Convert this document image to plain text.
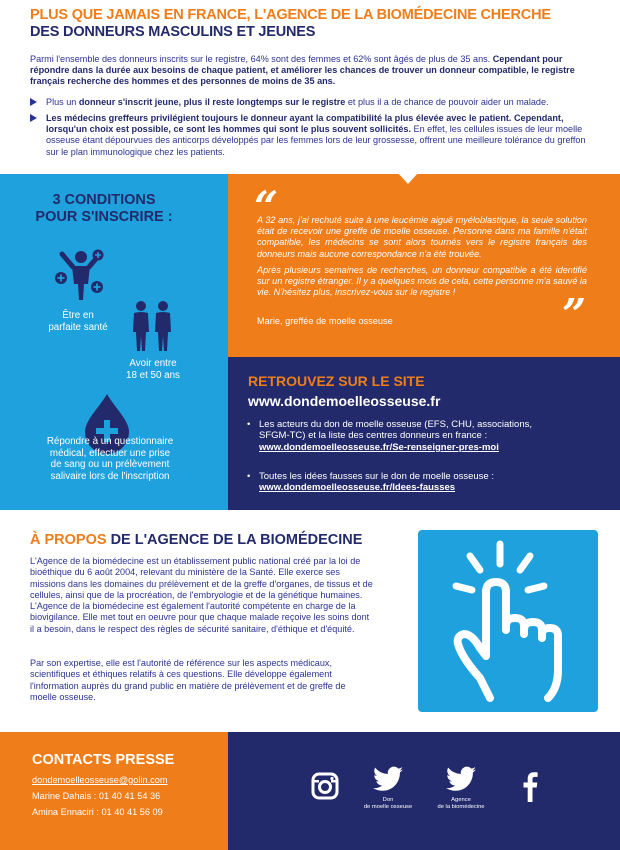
PLUS QUE JAMAIS EN FRANCE, L'AGENCE DE LA BIOMÉDECINE CHERCHE
DES DONNEURS MASCULINS ET JEUNES

Parmi l'ensemble des donneurs inscrits sur le registre, 64% sont des femmes et 62% sont âgés de plus de 35 ans. Cependant pour répondre dans la durée aux besoins de chaque patient, et améliorer les chances de trouver un donneur compatible, le registre français recherche des hommes et des personnes de moins de 35 ans.

Plus un donneur s'inscrit jeune, plus il reste longtemps sur le registre et plus il a de chance de pouvoir aider un malade.

Les médecins greffeurs privilégient toujours le donneur ayant la compatibilité la plus élevée avec le patient. Cependant, lorsqu'un choix est possible, ce sont les hommes qui sont le plus souvent sollicités. En effet, les cellules issues de leur moelle osseuse étant dépourvues des anticorps développés par les femmes lors de leur grossesse, offrent une meilleure tolérance du greffon sur le plan immunologique chez les patients.

3 CONDITIONS
POUR S'INSCRIRE :
Être en
parfaite santé
Avoir entre
18 et 50 ans
Répondre à un questionnaire
médical, effectuer une prise
de sang ou un prélèvement
salivaire lors de l'inscription
“

A 32 ans, j'ai rechuté suite à une leucémie aiguë myéloblastique, la seule solution était de recevoir une greffe de moelle osseuse. Personne dans ma famille n'était compatible, les médecins se sont alors tournés vers le registre français des donneurs mais aucune correspondance n'a été trouvée.

Après plusieurs semaines de recherches, un donneur compatible a été identifié sur un registre étranger. Il y a quelques mois de cela, cette personne m'a sauvé la vie. N'hésitez plus, inscrivez-vous sur le registre !

Marie, greffée de moelle osseuse	”
RETROUVEZ SUR LE SITE
www.dondemoelleosseuse.fr
• Les acteurs du don de moelle osseuse (EFS, CHU, associations, SFGM-TC) et la liste des centres donneurs en france : www.dondemoelleosseuse.fr/Se-renseigner-pres-moi
• Toutes les idées fausses sur le don de moelle osseuse : www.dondemoelleosseuse.fr/Idees-fausses
À PROPOS DE L'AGENCE DE LA BIOMÉDECINE

L'Agence de la biomédecine est un établissement public national créé par la loi de bioéthique du 6 août 2004, relevant du ministère de la Santé. Elle exerce ses missions dans les domaines du prélèvement et de la greffe d'organes, de tissus et de cellules, ainsi que de la procréation, de l'embryologie et de la génétique humaines. L'Agence de la biomédecine est également l'autorité compétente en charge de la biovigilance. Elle met tout en oeuvre pour que chaque malade reçoive les soins dont il a besoin, dans le respect des règles de sécurité sanitaire, d'éthique et d'équité.

Par son expertise, elle est l'autorité de référence sur les aspects médicaux, scientifiques et éthiques relatifs à ces questions. Elle développe également l'information auprès du grand public en matière de prélèvement et de greffe de moelle osseuse.

CONTACTS PRESSE
dondemoelleosseuse@golin.com
Marine Dahais : 01 40 41 54 36
Amina Ennaciri : 01 40 41 56 09
Don
de moelle osseuse
Agence
de la biomédecine
